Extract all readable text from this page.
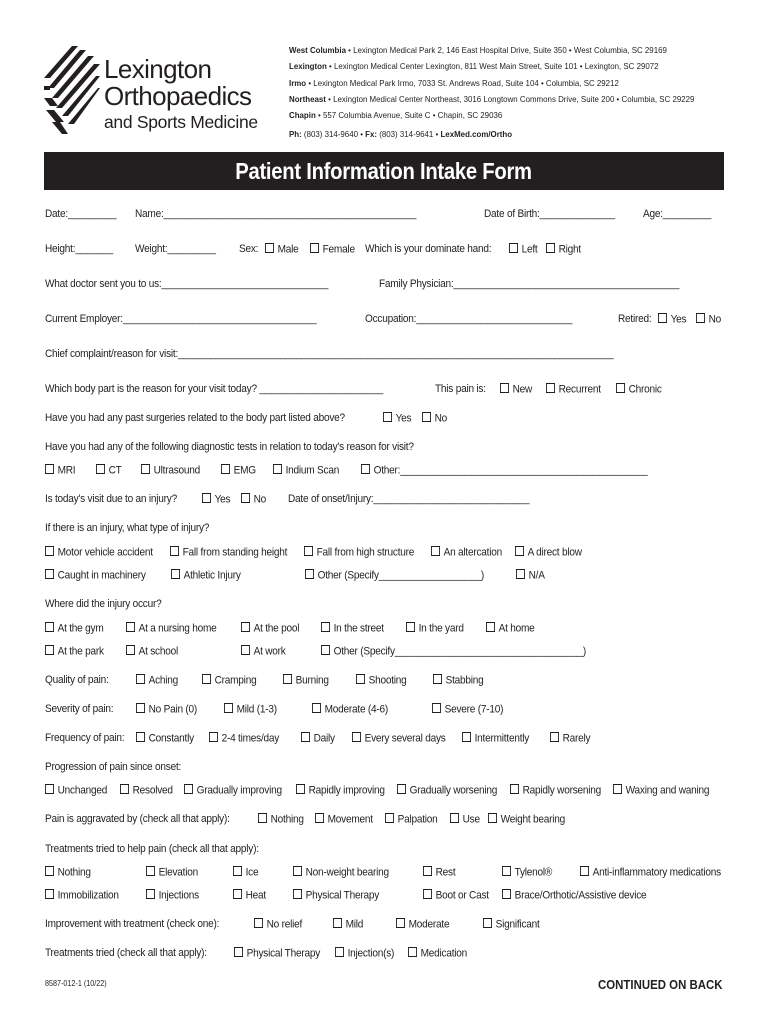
Lexington
Orthopaedics
and Sports Medicine
West Columbia • Lexington Medical Park 2, 146 East Hospital Drive, Suite 350 • West Columbia, SC 29169
Lexington • Lexington Medical Center Lexington, 811 West Main Street, Suite 101 • Lexington, SC 29072
Irmo • Lexington Medical Park Irmo, 7033 St. Andrews Road, Suite 104 • Columbia, SC 29212
Northeast • Lexington Medical Center Northeast, 3016 Longtown Commons Drive, Suite 200 • Columbia, SC 29229
Chapin • 557 Columbia Avenue, Suite C • Chapin, SC 29036
Ph: (803) 314-9640 • Fx: (803) 314-9641 • LexMed.com/Ortho
Patient Information Intake Form
Date:_________ Name:_______________________________________________	Date of Birth:______________	Age:_________
Height:_______ Weight:_________ Sex:	Male	Female Which is your dominate hand:	Left	Right
What doctor sent you to us:_______________________________	Family Physician:__________________________________________
Current Employer:____________________________________	Occupation:_____________________________	Retired:	Yes	No
Chief complaint/reason for visit:_________________________________________________________________________________
Which body part is the reason for your visit today? _______________________	This pain is:	New	Recurrent	Chronic
Have you had any past surgeries related to the body part listed above?	Yes	No
Have you had any of the following diagnostic tests in relation to today's reason for visit?
MRI	CT	Ultrasound	EMG	Indium Scan	Other:______________________________________________
Is today's visit due to an injury?	Yes	No Date of onset/Injury:_____________________________
If there is an injury, what type of injury?
Motor vehicle accident	Fall from standing height	Fall from high structure	An altercation	A direct blow
Caught in machinery	Athletic Injury	Other (Specify___________________)	N/A
Where did the injury occur?
At the gym	At a nursing home	At the pool	In the street	In the yard	At home
At the park	At school	At work	Other (Specify___________________________________)
Quality of pain:	Aching	Cramping	Burning	Shooting	Stabbing
Severity of pain:	No Pain (0)	Mild (1-3)	Moderate (4-6)	Severe (7-10)
Frequency of pain:	Constantly	2-4 times/day	Daily	Every several days	Intermittently	Rarely
Progression of pain since onset:
Unchanged	Resolved	Gradually improving	Rapidly improving	Gradually worsening	Rapidly worsening	Waxing and waning
Pain is aggravated by (check all that apply):	Nothing	Movement	Palpation	Use	Weight bearing
Treatments tried to help pain (check all that apply):
Nothing	Elevation	Ice	Non-weight bearing	Rest	Tylenol®	Anti-inflammatory medications
Immobilization	Injections	Heat	Physical Therapy	Boot or Cast	Brace/Orthotic/Assistive device
Improvement with treatment (check one):	No relief	Mild	Moderate	Significant
Treatments tried (check all that apply):	Physical Therapy	Injection(s)	Medication
8587-012-1 (10/22)	CONTINUED ON BACK
